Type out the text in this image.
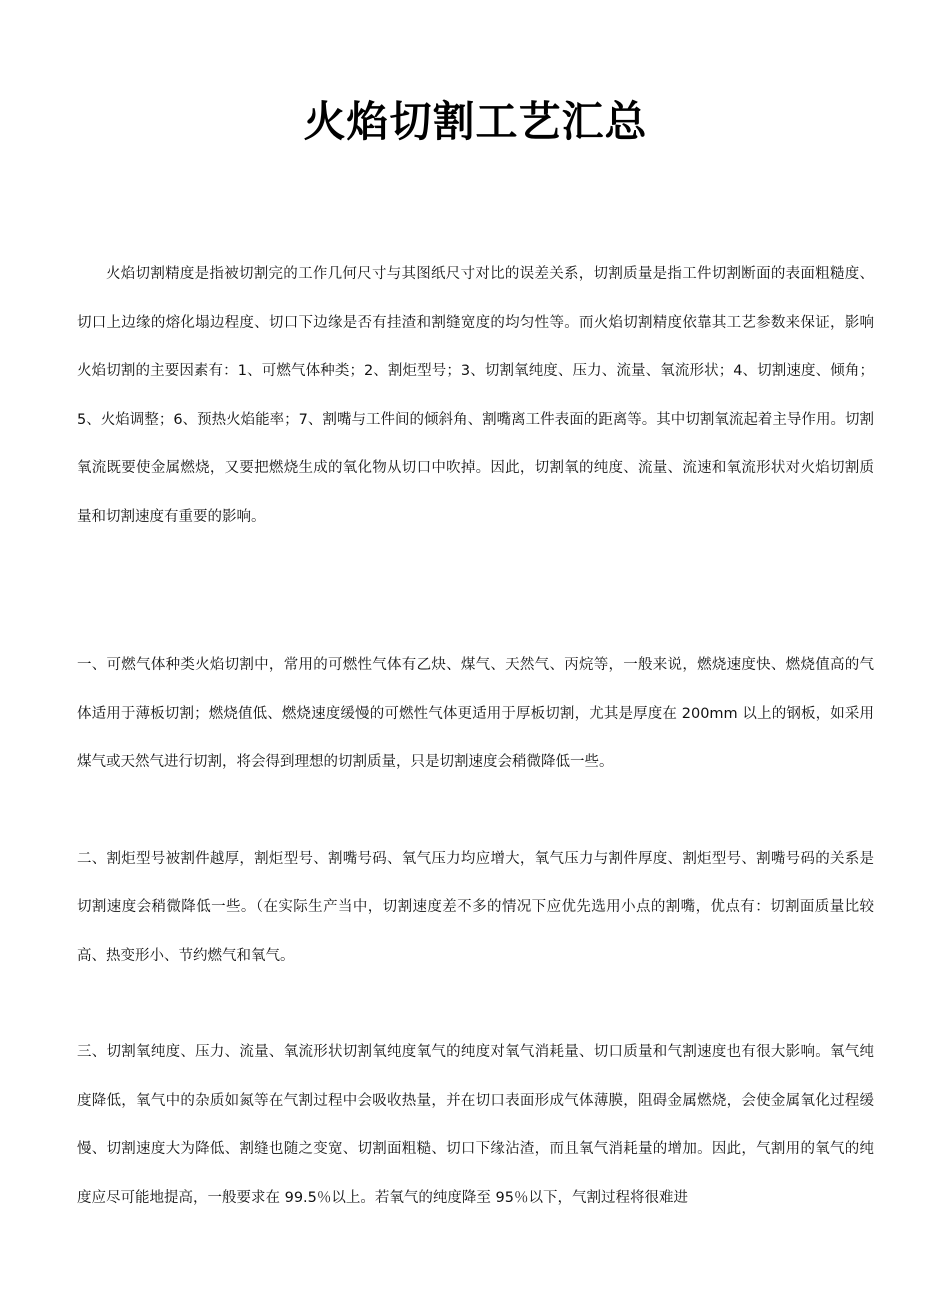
火焰切割工艺汇总

火焰切割精度是指被切割完的工作几何尺寸与其图纸尺寸对比的误差关系，切割质量是指工件切割断面的表面粗糙度、切口上边缘的熔化塌边程度、切口下边缘是否有挂渣和割缝宽度的均匀性等。而火焰切割精度依靠其工艺参数来保证，影响火焰切割的主要因素有：1、可燃气体种类；2、割炬型号；3、切割氧纯度、压力、流量、氧流形状；4、切割速度、倾角；5、火焰调整；6、预热火焰能率；7、割嘴与工件间的倾斜角、割嘴离工件表面的距离等。其中切割氧流起着主导作用。切割氧流既要使金属燃烧，又要把燃烧生成的氧化物从切口中吹掉。因此，切割氧的纯度、流量、流速和氧流形状对火焰切割质量和切割速度有重要的影响。

一、可燃气体种类火焰切割中，常用的可燃性气体有乙炔、煤气、天然气、丙烷等，一般来说，燃烧速度快、燃烧值高的气体适用于薄板切割；燃烧值低、燃烧速度缓慢的可燃性气体更适用于厚板切割，尤其是厚度在 200mm 以上的钢板，如采用煤气或天然气进行切割，将会得到理想的切割质量，只是切割速度会稍微降低一些。

二、割炬型号被割件越厚，割炬型号、割嘴号码、氧气压力均应增大，氧气压力与割件厚度、割炬型号、割嘴号码的关系是切割速度会稍微降低一些。（在实际生产当中，切割速度差不多的情况下应优先选用小点的割嘴，优点有：切割面质量比较高、热变形小、节约燃气和氧气。

三、切割氧纯度、压力、流量、氧流形状切割氧纯度氧气的纯度对氧气消耗量、切口质量和气割速度也有很大影响。氧气纯度降低，氧气中的杂质如氮等在气割过程中会吸收热量，并在切口表面形成气体薄膜，阻碍金属燃烧，会使金属氧化过程缓慢、切割速度大为降低、割缝也随之变宽、切割面粗糙、切口下缘沾渣，而且氧气消耗量的增加。因此，气割用的氧气的纯度应尽可能地提高，一般要求在 99.5％以上。若氧气的纯度降至 95％以下，气割过程将很难进
